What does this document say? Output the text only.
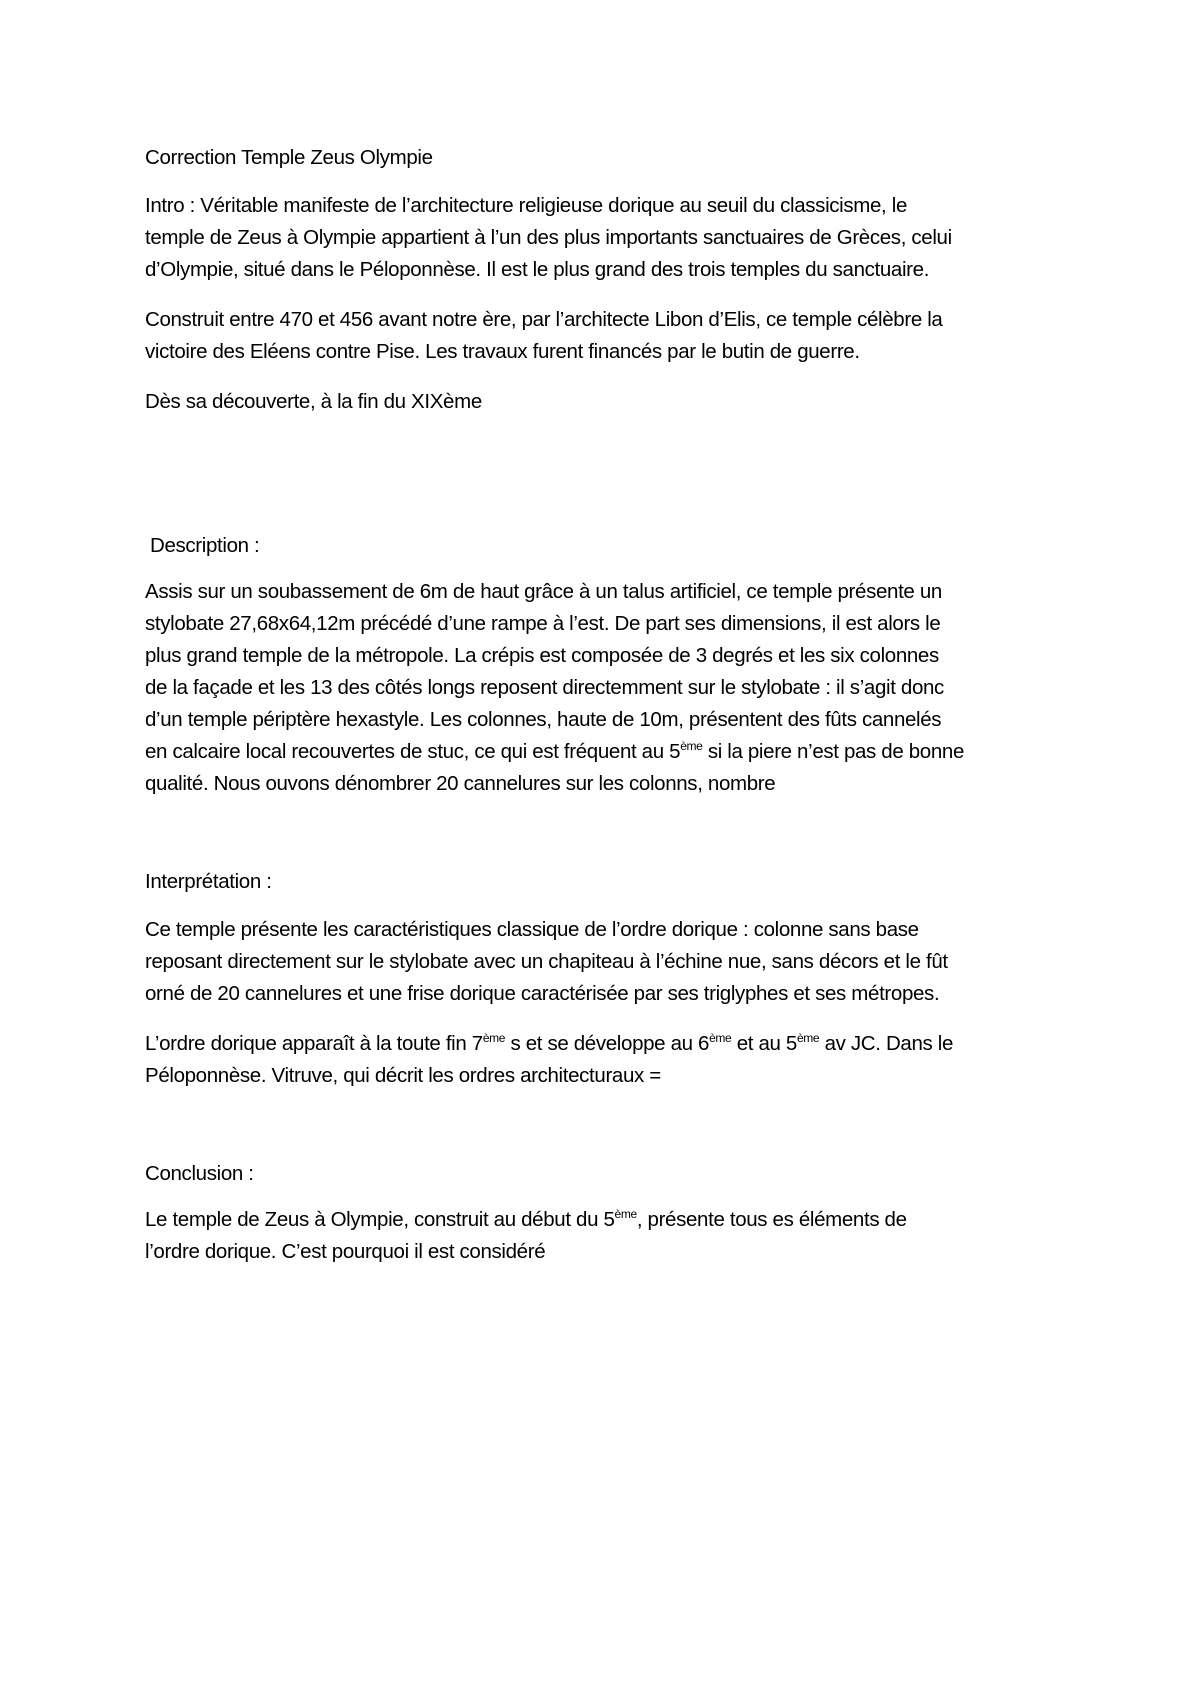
Correction Temple Zeus Olympie
Intro : Véritable manifeste de l’architecture religieuse dorique au seuil du classicisme, le
temple de Zeus à Olympie appartient à l’un des plus importants sanctuaires de Grèces, celui
d’Olympie, situé dans le Péloponnèse. Il est le plus grand des trois temples du sanctuaire.
Construit entre 470 et 456 avant notre ère, par l’architecte Libon d’Elis, ce temple célèbre la
victoire des Eléens contre Pise. Les travaux furent financés par le butin de guerre.
Dès sa découverte, à la fin du XIXème
Description :
Assis sur un soubassement de 6m de haut grâce à un talus artificiel, ce temple présente un
stylobate 27,68x64,12m précédé d’une rampe à l’est. De part ses dimensions, il est alors le
plus grand temple de la métropole. La crépis est composée de 3 degrés et les six colonnes
de la façade et les 13 des côtés longs reposent directemment sur le stylobate : il s’agit donc
d’un temple périptère hexastyle. Les colonnes, haute de 10m, présentent des fûts cannelés
en calcaire local recouvertes de stuc, ce qui est fréquent au 5ème si la piere n’est pas de bonne
qualité. Nous ouvons dénombrer 20 cannelures sur les colonns, nombre
Interprétation :
Ce temple présente les caractéristiques classique de l’ordre dorique : colonne sans base
reposant directement sur le stylobate avec un chapiteau à l’échine nue, sans décors et le fût
orné de 20 cannelures et une frise dorique caractérisée par ses triglyphes et ses métropes.
L’ordre dorique apparaît à la toute fin 7ème s et se développe au 6ème et au 5ème av JC. Dans le
Péloponnèse. Vitruve, qui décrit les ordres architecturaux =
Conclusion :
Le temple de Zeus à Olympie, construit au début du 5ème, présente tous es éléments de
l’ordre dorique. C’est pourquoi il est considéré
